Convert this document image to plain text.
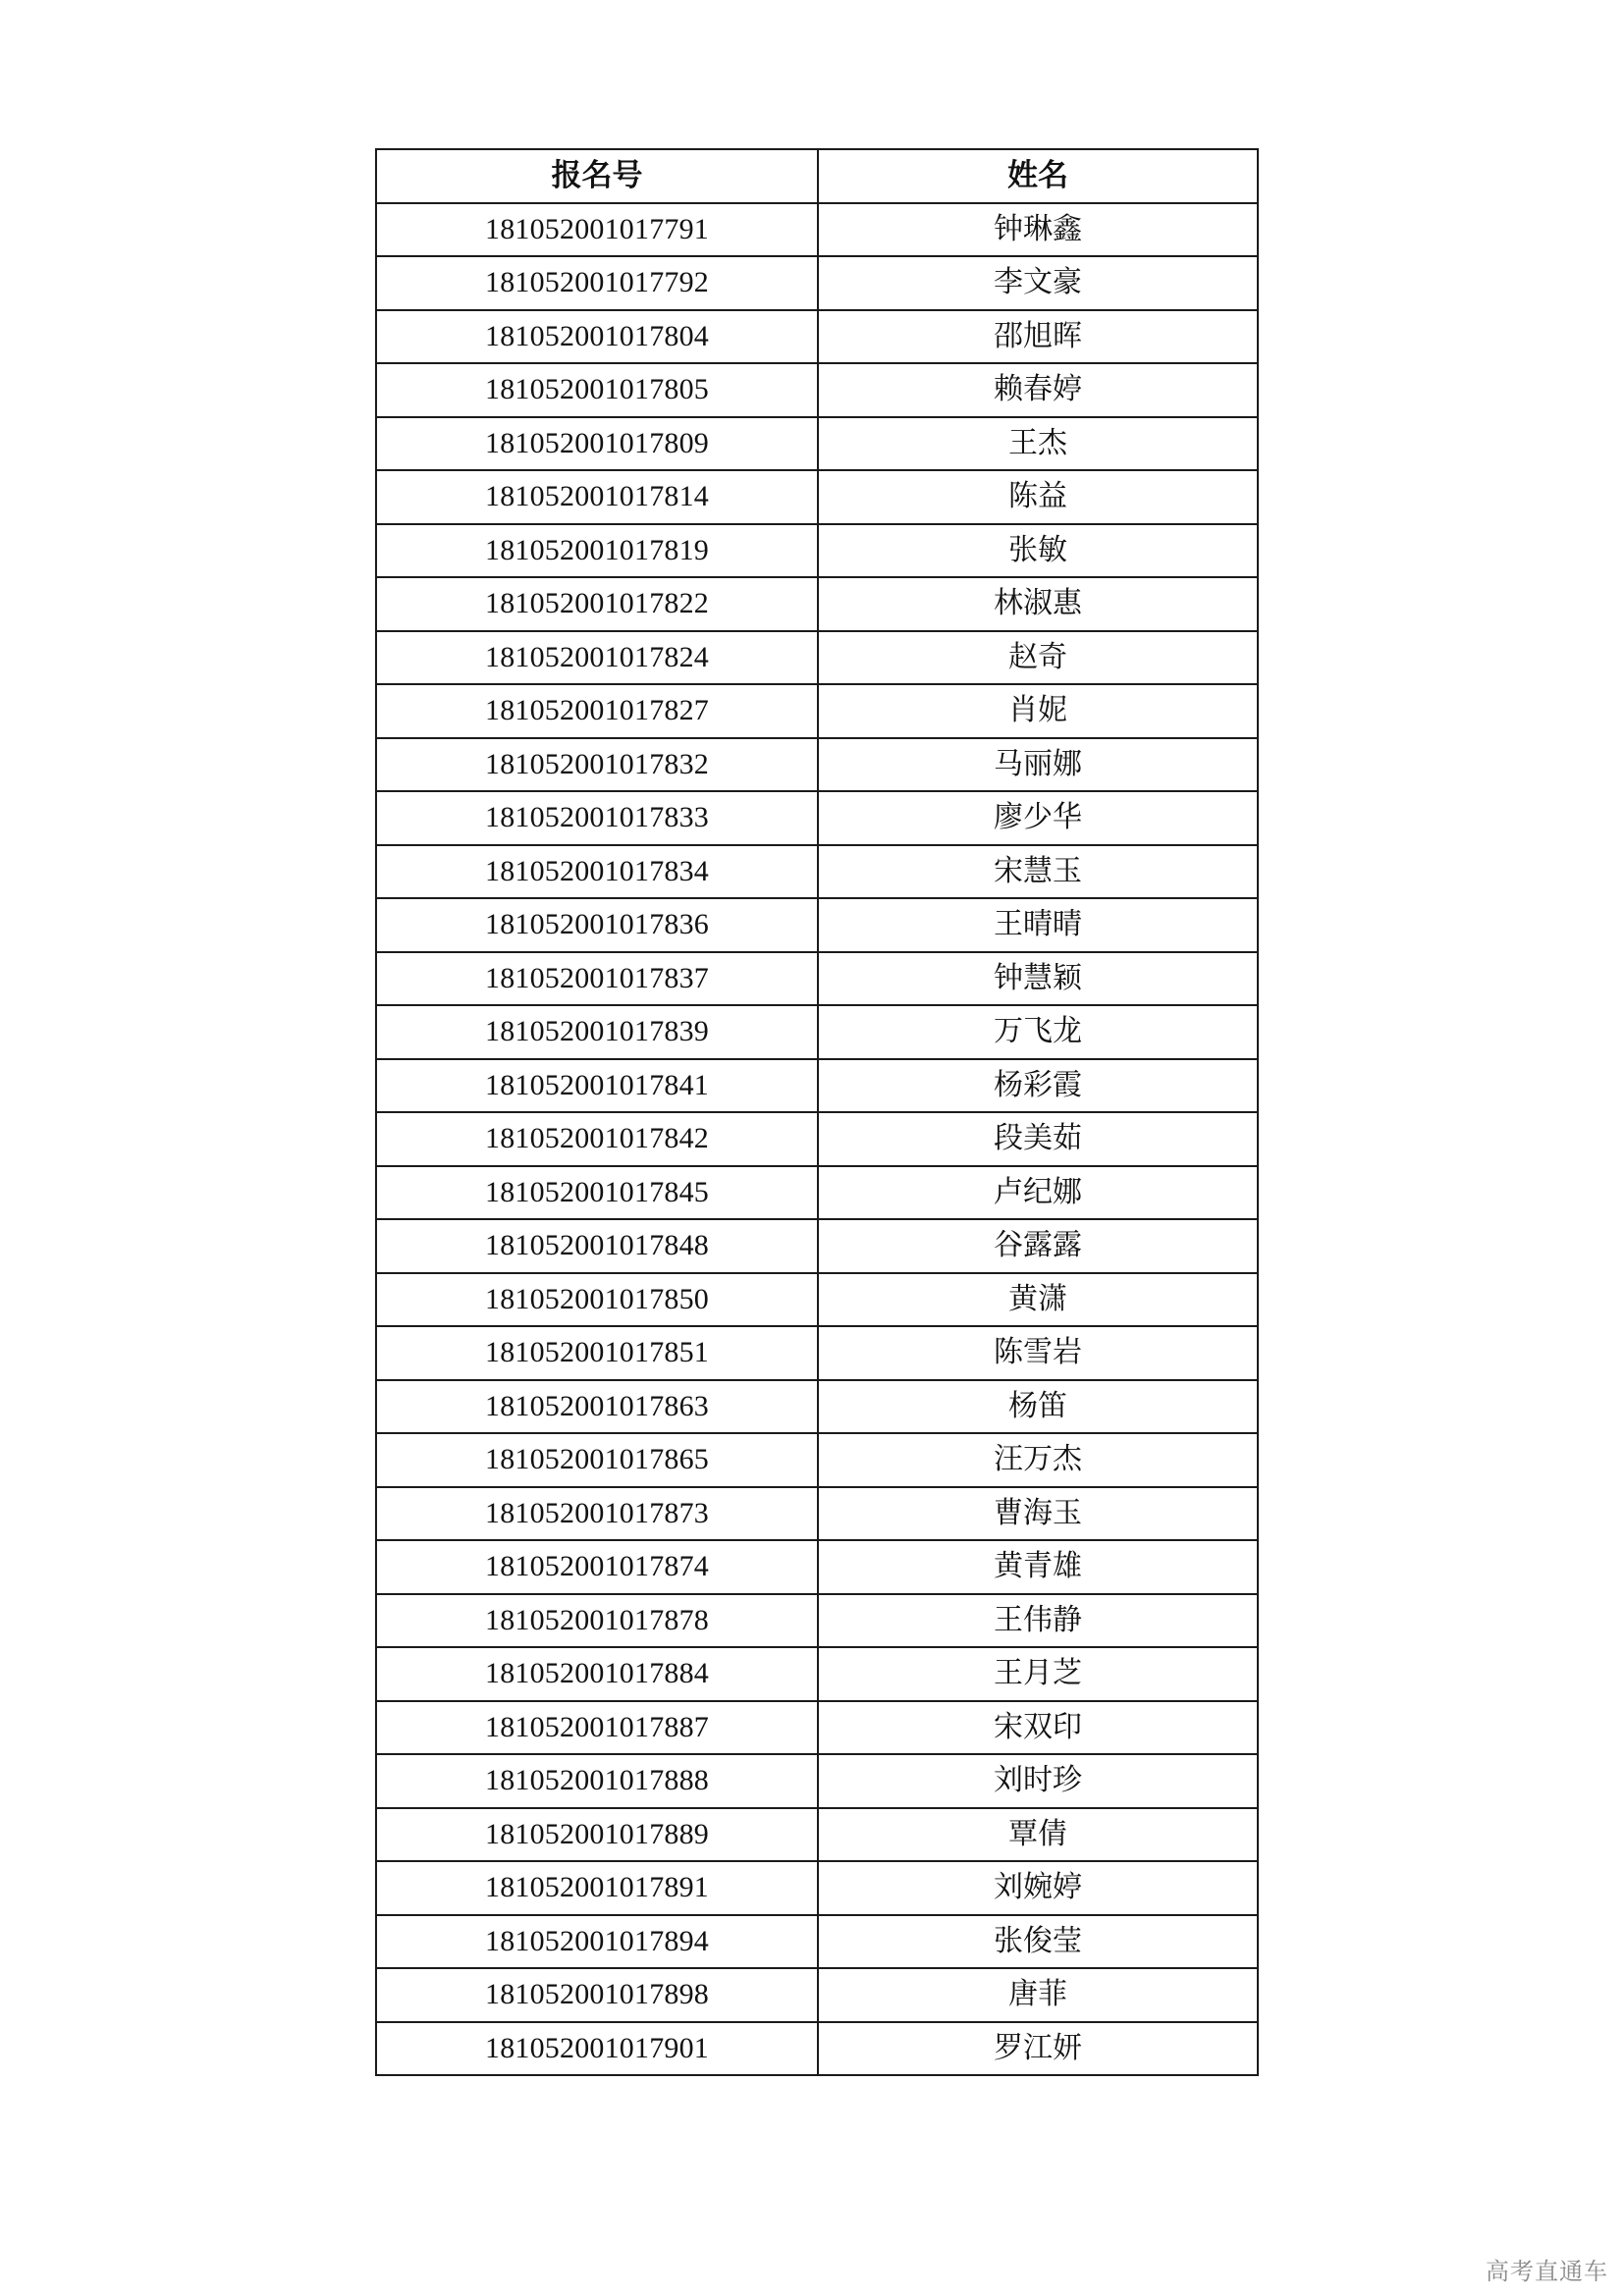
报名号	姓名
181052001017791	钟琳鑫
181052001017792	李文豪
181052001017804	邵旭晖
181052001017805	赖春婷
181052001017809	王杰
181052001017814	陈益
181052001017819	张敏
181052001017822	林淑惠
181052001017824	赵奇
181052001017827	肖妮
181052001017832	马丽娜
181052001017833	廖少华
181052001017834	宋慧玉
181052001017836	王晴晴
181052001017837	钟慧颖
181052001017839	万飞龙
181052001017841	杨彩霞
181052001017842	段美茹
181052001017845	卢纪娜
181052001017848	谷露露
181052001017850	黄潇
181052001017851	陈雪岩
181052001017863	杨笛
181052001017865	汪万杰
181052001017873	曹海玉
181052001017874	黄青雄
181052001017878	王伟静
181052001017884	王月芝
181052001017887	宋双印
181052001017888	刘时珍
181052001017889	覃倩
181052001017891	刘婉婷
181052001017894	张俊莹
181052001017898	唐菲
181052001017901	罗江妍
高考直通车
